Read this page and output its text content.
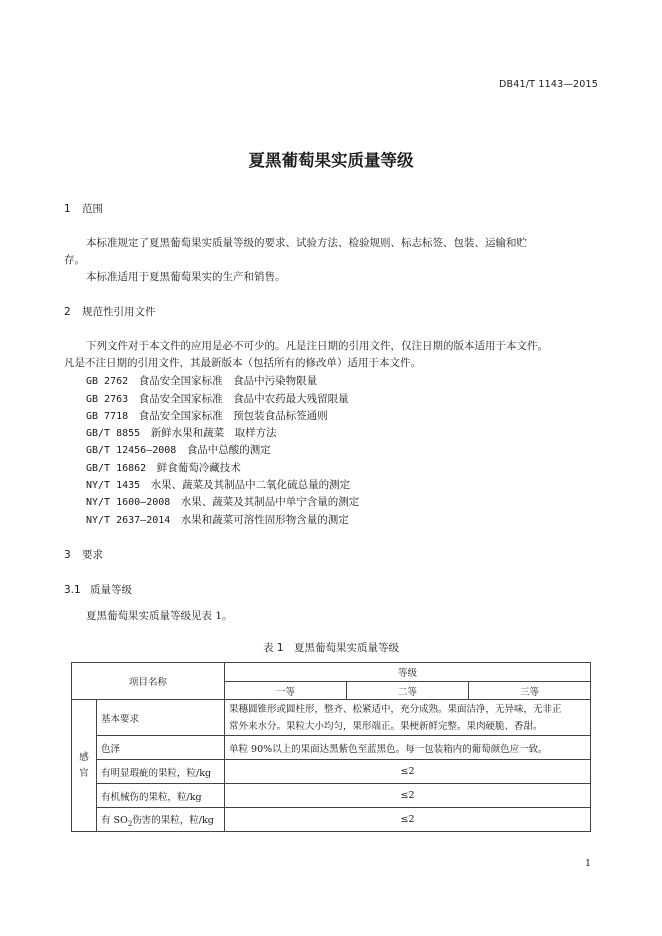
DB41/T 1143—2015
夏黑葡萄果实质量等级
1 范围
本标准规定了夏黑葡萄果实质量等级的要求、试验方法、检验规则、标志标签、包装、运输和贮
存。
本标准适用于夏黑葡萄果实的生产和销售。
2 规范性引用文件
下列文件对于本文件的应用是必不可少的。凡是注日期的引用文件，仅注日期的版本适用于本文件。
凡是不注日期的引用文件，其最新版本（包括所有的修改单）适用于本文件。
GB 2762　 食品安全国家标准　食品中污染物限量
GB 2763　 食品安全国家标准　食品中农药最大残留限量
GB 7718　 食品安全国家标准　预包装食品标签通则
GB/T 8855　 新鲜水果和蔬菜　取样方法
GB/T 12456—2008　 食品中总酸的测定
GB/T 16862　 鲜食葡萄冷藏技术
NY/T 1435　 水果、蔬菜及其制品中二氧化硫总量的测定
NY/T 1600—2008　 水果、蔬菜及其制品中单宁含量的测定
NY/T 2637—2014　 水果和蔬菜可溶性固形物含量的测定
3 要求
3.1 质量等级
夏黑葡萄果实质量等级见表 1。
表 1　夏黑葡萄果实质量等级
项目名称		等级		
		一等	二等	三等
感
官	基本要求	果穗圆锥形或圆柱形，整齐、松紧适中，充分成熟。果面洁净，无异味，无非正
常外来水分。果粒大小均匀，果形端正。果梗新鲜完整。果肉硬脆、香甜。		
	色泽	单粒 90%以上的果面达黑紫色至蓝黑色。每一包装箱内的葡萄颜色应一致。		
	有明显瑕疵的果粒，粒/kg	≤2		
	有机械伤的果粒，粒/kg	≤2		
	有 $SO_2$伤害的果粒，粒/kg	≤2		
1
